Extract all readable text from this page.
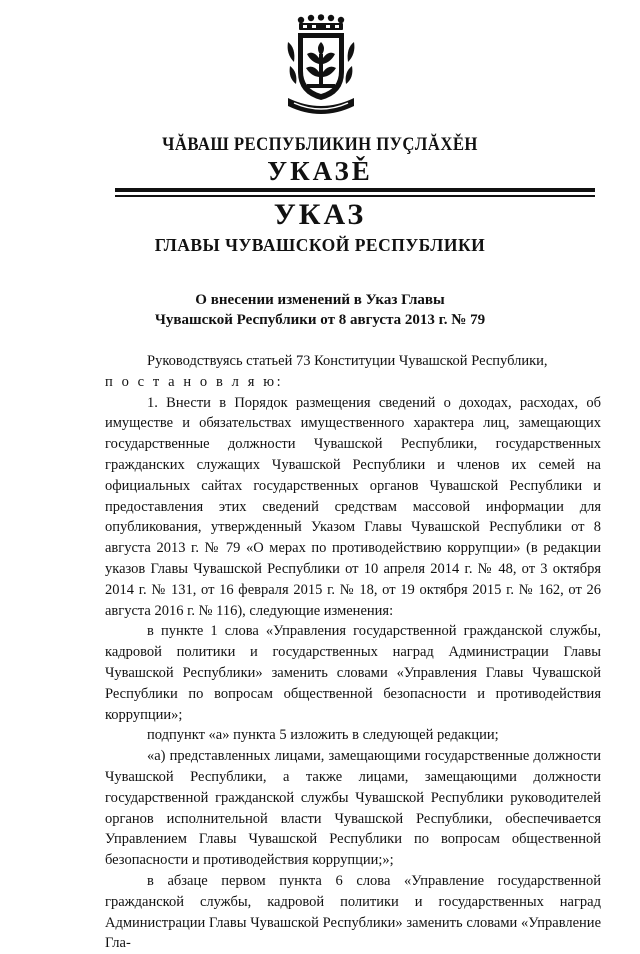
ЧĂВАШ РЕСПУБЛИКИН ПУÇЛĂХĚН
УКАЗĚ
УКАЗ
ГЛАВЫ ЧУВАШСКОЙ РЕСПУБЛИКИ
О внесении изменений в Указ Главы
Чувашской Республики от 8 августа 2013 г. № 79

Руководствуясь статьей 73 Конституции Чувашской Республики,

п о с т а н о в л я ю:

1. Внести в Порядок размещения сведений о доходах, расходах, об имуществе и обязательствах имущественного характера лиц, замещающих государственные должности Чувашской Республики, государственных гражданских служащих Чувашской Республики и членов их семей на официальных сайтах государственных органов Чувашской Республики и предоставления этих сведений средствам массовой информации для опубликования, утвержденный Указом Главы Чувашской Республики от 8 августа 2013 г. № 79 «О мерах по противодействию коррупции» (в редакции указов Главы Чувашской Республики от 10 апреля 2014 г. № 48, от 3 октября 2014 г. № 131, от 16 февраля 2015 г. № 18, от 19 октября 2015 г. № 162, от 26 августа 2016 г. № 116), следующие изменения:

в пункте 1 слова «Управления государственной гражданской службы, кадровой политики и государственных наград Администрации Главы Чувашской Республики» заменить словами «Управления Главы Чувашской Республики по вопросам общественной безопасности и противодействия коррупции»;

подпункт «а» пункта 5 изложить в следующей редакции;

«а) представленных лицами, замещающими государственные должности Чувашской Республики, а также лицами, замещающими должности государственной гражданской службы Чувашской Республики руководителей органов исполнительной власти Чувашской Республики, обеспечивается Управлением Главы Чувашской Республики по вопросам общественной безопасности и противодействия коррупции;»;

в абзаце первом пункта 6 слова «Управление государственной гражданской службы, кадровой политики и государственных наград Администрации Главы Чувашской Республики» заменить словами «Управление Гла-
